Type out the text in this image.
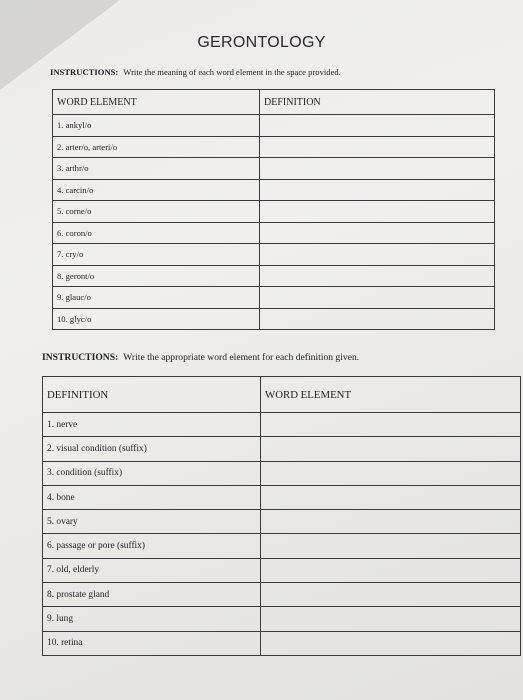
GERONTOLOGY
INSTRUCTIONS: Write the meaning of each word element in the space provided.
WORD ELEMENT	DEFINITION
1. ankyl/o	
2. arter/o, arteri/o	
3. arthr/o	
4. carcin/o	
5. corne/o	
6. coron/o	
7. cry/o	
8. geront/o	
9. glauc/o	
10. glyc/o	
INSTRUCTIONS: Write the appropriate word element for each definition given.
DEFINITION	WORD ELEMENT
1. nerve	
2. visual condition (suffix)	
3. condition (suffix)	
4. bone	
5. ovary	
6. passage or pore (suffix)	
7. old, elderly	
8. prostate gland	
9. lung	
10. retina	
